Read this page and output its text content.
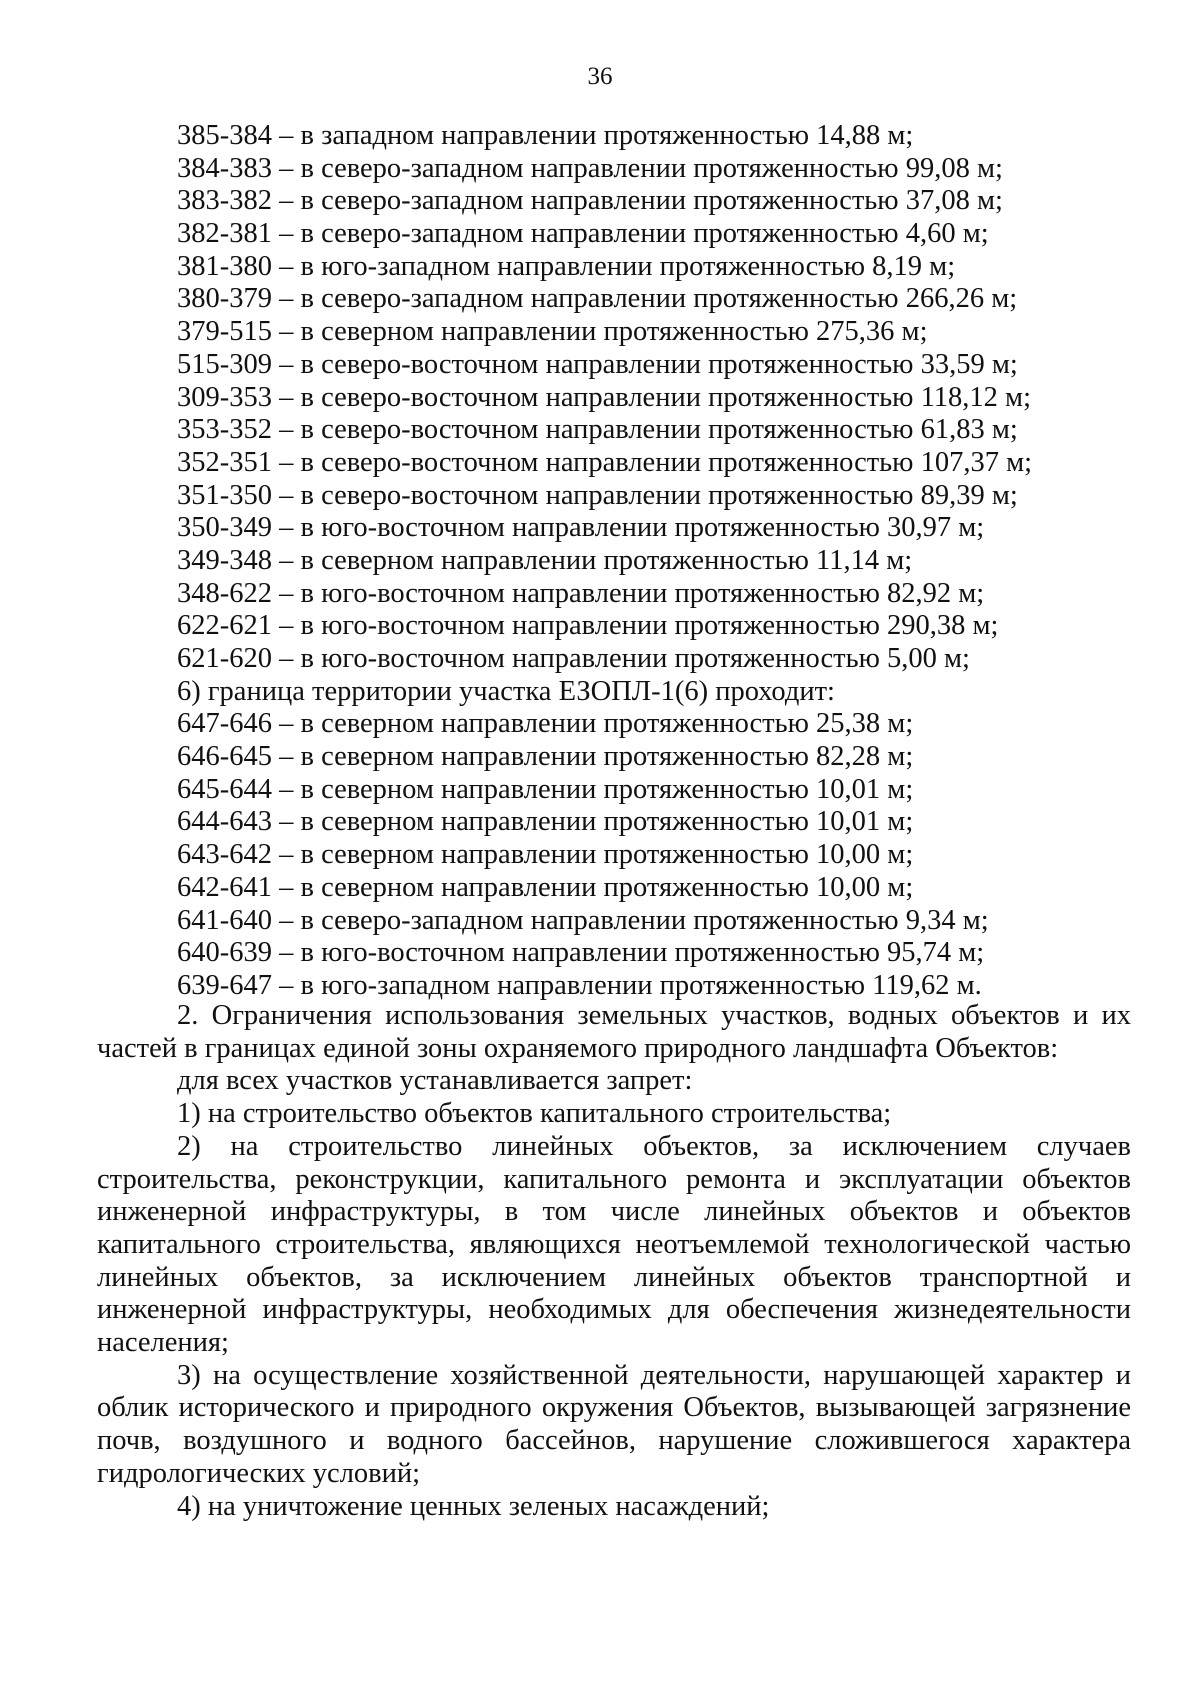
36
385-384 – в западном направлении протяженностью 14,88 м;
384-383 – в северо-западном направлении протяженностью 99,08 м;
383-382 – в северо-западном направлении протяженностью 37,08 м;
382-381 – в северо-западном направлении протяженностью 4,60 м;
381-380 – в юго-западном направлении протяженностью 8,19 м;
380-379 – в северо-западном направлении протяженностью 266,26 м;
379-515 – в северном направлении протяженностью 275,36 м;
515-309 – в северо-восточном направлении протяженностью 33,59 м;
309-353 – в северо-восточном направлении протяженностью 118,12 м;
353-352 – в северо-восточном направлении протяженностью 61,83 м;
352-351 – в северо-восточном направлении протяженностью 107,37 м;
351-350 – в северо-восточном направлении протяженностью 89,39 м;
350-349 – в юго-восточном направлении протяженностью 30,97 м;
349-348 – в северном направлении протяженностью 11,14 м;
348-622 – в юго-восточном направлении протяженностью 82,92 м;
622-621 – в юго-восточном направлении протяженностью 290,38 м;
621-620 – в юго-восточном направлении протяженностью 5,00 м;
6) граница территории участка ЕЗОПЛ-1(6) проходит:
647-646 – в северном направлении протяженностью 25,38 м;
646-645 – в северном направлении протяженностью 82,28 м;
645-644 – в северном направлении протяженностью 10,01 м;
644-643 – в северном направлении протяженностью 10,01 м;
643-642 – в северном направлении протяженностью 10,00 м;
642-641 – в северном направлении протяженностью 10,00 м;
641-640 – в северо-западном направлении протяженностью 9,34 м;
640-639 – в юго-восточном направлении протяженностью 95,74 м;
639-647 – в юго-западном направлении протяженностью 119,62 м.

2. Ограничения использования земельных участков, водных объектов и их частей в границах единой зоны охраняемого природного ландшафта Объектов:

для всех участков устанавливается запрет:

1) на строительство объектов капитального строительства;

2) на строительство линейных объектов, за исключением случаев строительства, реконструкции, капитального ремонта и эксплуатации объектов инженерной инфраструктуры, в том числе линейных объектов и объектов капитального строительства, являющихся неотъемлемой технологической частью линейных объектов, за исключением линейных объектов транспортной и инженерной инфраструктуры, необходимых для обеспечения жизнедеятельности населения;

3) на осуществление хозяйственной деятельности, нарушающей характер и облик исторического и природного окружения Объектов, вызывающей загрязнение почв, воздушного и водного бассейнов, нарушение сложившегося характера гидрологических условий;

4) на уничтожение ценных зеленых насаждений;
